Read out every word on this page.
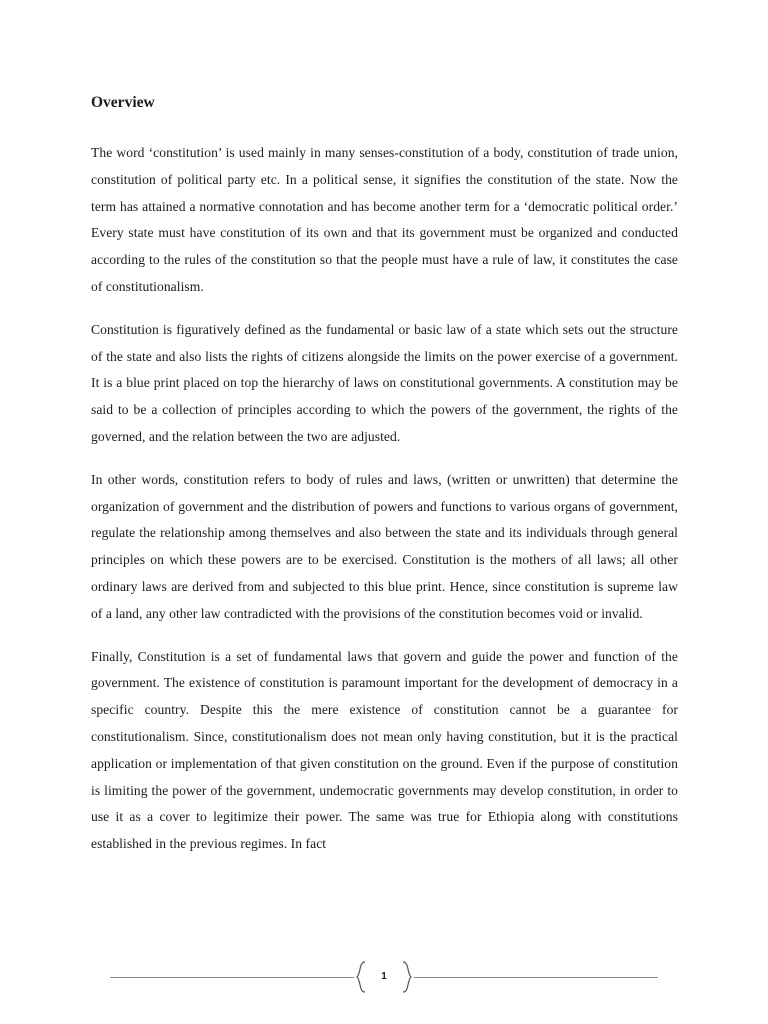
Overview

The word ‘constitution’ is used mainly in many senses-constitution of a body, constitution of trade union, constitution of political party etc. In a political sense, it signifies the constitution of the state. Now the term has attained a normative connotation and has become another term for a ‘democratic political order.’ Every state must have constitution of its own and that its government must be organized and conducted according to the rules of the constitution so that the people must have a rule of law, it constitutes the case of constitutionalism.

Constitution is figuratively defined as the fundamental or basic law of a state which sets out the structure of the state and also lists the rights of citizens alongside the limits on the power exercise of a government. It is a blue print placed on top the hierarchy of laws on constitutional governments. A constitution may be said to be a collection of principles according to which the powers of the government, the rights of the governed, and the relation between the two are adjusted.

In other words, constitution refers to body of rules and laws, (written or unwritten) that determine the organization of government and the distribution of powers and functions to various organs of government, regulate the relationship among themselves and also between the state and its individuals through general principles on which these powers are to be exercised. Constitution is the mothers of all laws; all other ordinary laws are derived from and subjected to this blue print. Hence, since constitution is supreme law of a land, any other law contradicted with the provisions of the constitution becomes void or invalid.

Finally, Constitution is a set of fundamental laws that govern and guide the power and function of the government. The existence of constitution is paramount important for the development of democracy in a specific country. Despite this the mere existence of constitution cannot be a guarantee for constitutionalism. Since, constitutionalism does not mean only having constitution, but it is the practical application or implementation of that given constitution on the ground. Even if the purpose of constitution is limiting the power of the government, undemocratic governments may develop constitution, in order to use it as a cover to legitimize their power. The same was true for Ethiopia along with constitutions established in the previous regimes. In fact

1
